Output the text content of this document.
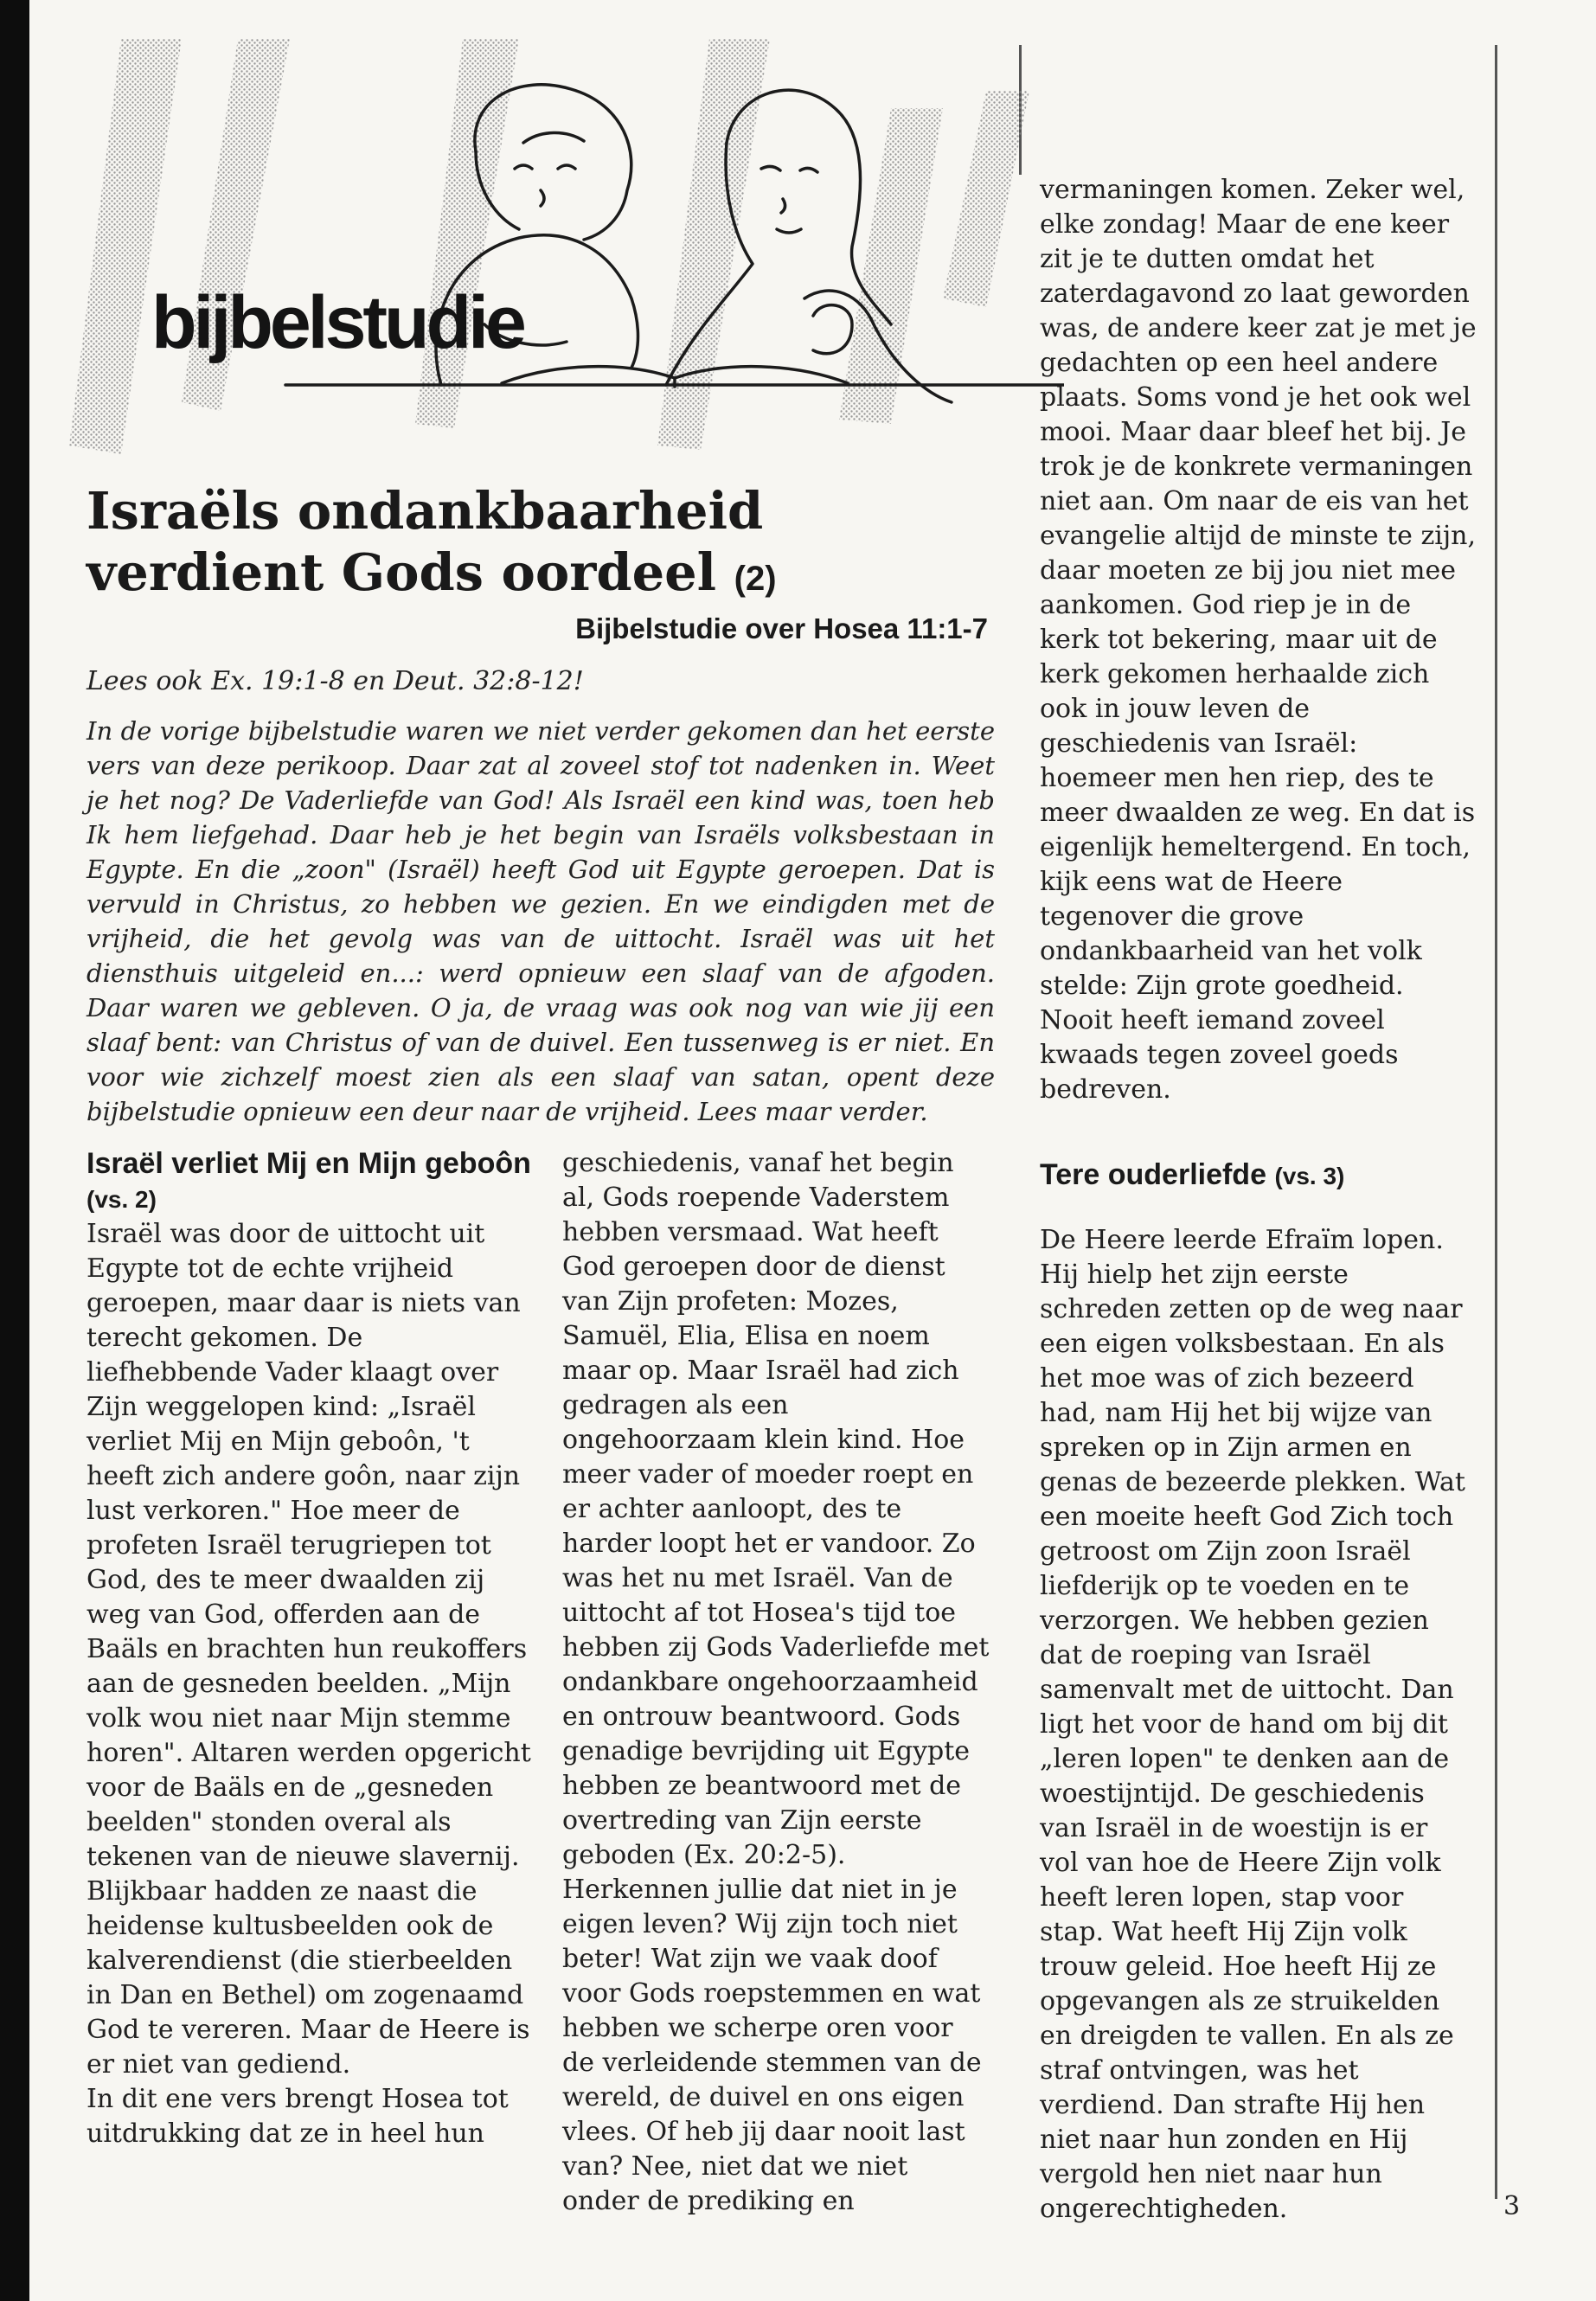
bijbelstudie
Israëls ondankbaarheid verdient Gods oordeel (2)

Bijbelstudie over Hosea 11:1-7

Lees ook Ex. 19:1-8 en Deut. 32:8-12!

In de vorige bijbelstudie waren we niet verder gekomen dan het eerste vers van deze perikoop. Daar zat al zoveel stof tot nadenken in. Weet je het nog? De Vaderliefde van God! Als Israël een kind was, toen heb Ik hem liefgehad. Daar heb je het begin van Israëls volksbestaan in Egypte. En die „zoon" (Israël) heeft God uit Egypte geroepen. Dat is vervuld in Christus, zo hebben we gezien. En we eindigden met de vrijheid, die het gevolg was van de uittocht. Israël was uit het diensthuis uitgeleid en...: werd opnieuw een slaaf van de afgoden. Daar waren we gebleven. O ja, de vraag was ook nog van wie jij een slaaf bent: van Christus of van de duivel. Een tussenweg is er niet. En voor wie zichzelf moest zien als een slaaf van satan, opent deze bijbelstudie opnieuw een deur naar de vrijheid. Lees maar verder.

Israël verliet Mij en Mijn geboôn (vs. 2)

Israël was door de uittocht uit Egypte tot de echte vrijheid geroepen, maar daar is niets van terecht gekomen. De liefhebbende Vader klaagt over Zijn weggelopen kind: „Israël verliet Mij en Mijn geboôn, 't heeft zich andere goôn, naar zijn lust verkoren." Hoe meer de profeten Israël terugriepen tot God, des te meer dwaalden zij weg van God, offerden aan de Baäls en brachten hun reukoffers aan de gesneden beelden. „Mijn volk wou niet naar Mijn stemme horen". Altaren werden opgericht voor de Baäls en de „gesneden beelden" stonden overal als tekenen van de nieuwe slavernij. Blijkbaar hadden ze naast die heidense kultusbeelden ook de kalverendienst (die stierbeelden in Dan en Bethel) om zogenaamd God te vereren. Maar de Heere is er niet van gediend.

In dit ene vers brengt Hosea tot uitdrukking dat ze in heel hun

geschiedenis, vanaf het begin al, Gods roepende Vaderstem hebben versmaad. Wat heeft God geroepen door de dienst van Zijn profeten: Mozes, Samuël, Elia, Elisa en noem maar op. Maar Israël had zich gedragen als een ongehoorzaam klein kind. Hoe meer vader of moeder roept en er achter aanloopt, des te harder loopt het er vandoor. Zo was het nu met Israël. Van de uittocht af tot Hosea's tijd toe hebben zij Gods Vaderliefde met ondankbare ongehoorzaamheid en ontrouw beantwoord. Gods genadige bevrijding uit Egypte hebben ze beantwoord met de overtreding van Zijn eerste geboden (Ex. 20:2-5). Herkennen jullie dat niet in je eigen leven? Wij zijn toch niet beter! Wat zijn we vaak doof voor Gods roepstemmen en wat hebben we scherpe oren voor de verleidende stemmen van de wereld, de duivel en ons eigen vlees. Of heb jij daar nooit last van? Nee, niet dat we niet onder de prediking en

vermaningen komen. Zeker wel, elke zondag! Maar de ene keer zit je te dutten omdat het zaterdagavond zo laat geworden was, de andere keer zat je met je gedachten op een heel andere plaats. Soms vond je het ook wel mooi. Maar daar bleef het bij. Je trok je de konkrete vermaningen niet aan. Om naar de eis van het evangelie altijd de minste te zijn, daar moeten ze bij jou niet mee aankomen. God riep je in de kerk tot bekering, maar uit de kerk gekomen herhaalde zich ook in jouw leven de geschiedenis van Israël: hoemeer men hen riep, des te meer dwaalden ze weg. En dat is eigenlijk hemeltergend. En toch, kijk eens wat de Heere tegenover die grove ondankbaarheid van het volk stelde: Zijn grote goedheid. Nooit heeft iemand zoveel kwaads tegen zoveel goeds bedreven.

Tere ouderliefde (vs. 3)

De Heere leerde Efraïm lopen. Hij hielp het zijn eerste schreden zetten op de weg naar een eigen volksbestaan. En als het moe was of zich bezeerd had, nam Hij het bij wijze van spreken op in Zijn armen en genas de bezeerde plekken. Wat een moeite heeft God Zich toch getroost om Zijn zoon Israël liefderijk op te voeden en te verzorgen. We hebben gezien dat de roeping van Israël samenvalt met de uittocht. Dan ligt het voor de hand om bij dit „leren lopen" te denken aan de woestijntijd. De geschiedenis van Israël in de woestijn is er vol van hoe de Heere Zijn volk heeft leren lopen, stap voor stap. Wat heeft Hij Zijn volk trouw geleid. Hoe heeft Hij ze opgevangen als ze struikelden en dreigden te vallen. En als ze straf ontvingen, was het verdiend. Dan strafte Hij hen niet naar hun zonden en Hij vergold hen niet naar hun ongerechtigheden.	3
